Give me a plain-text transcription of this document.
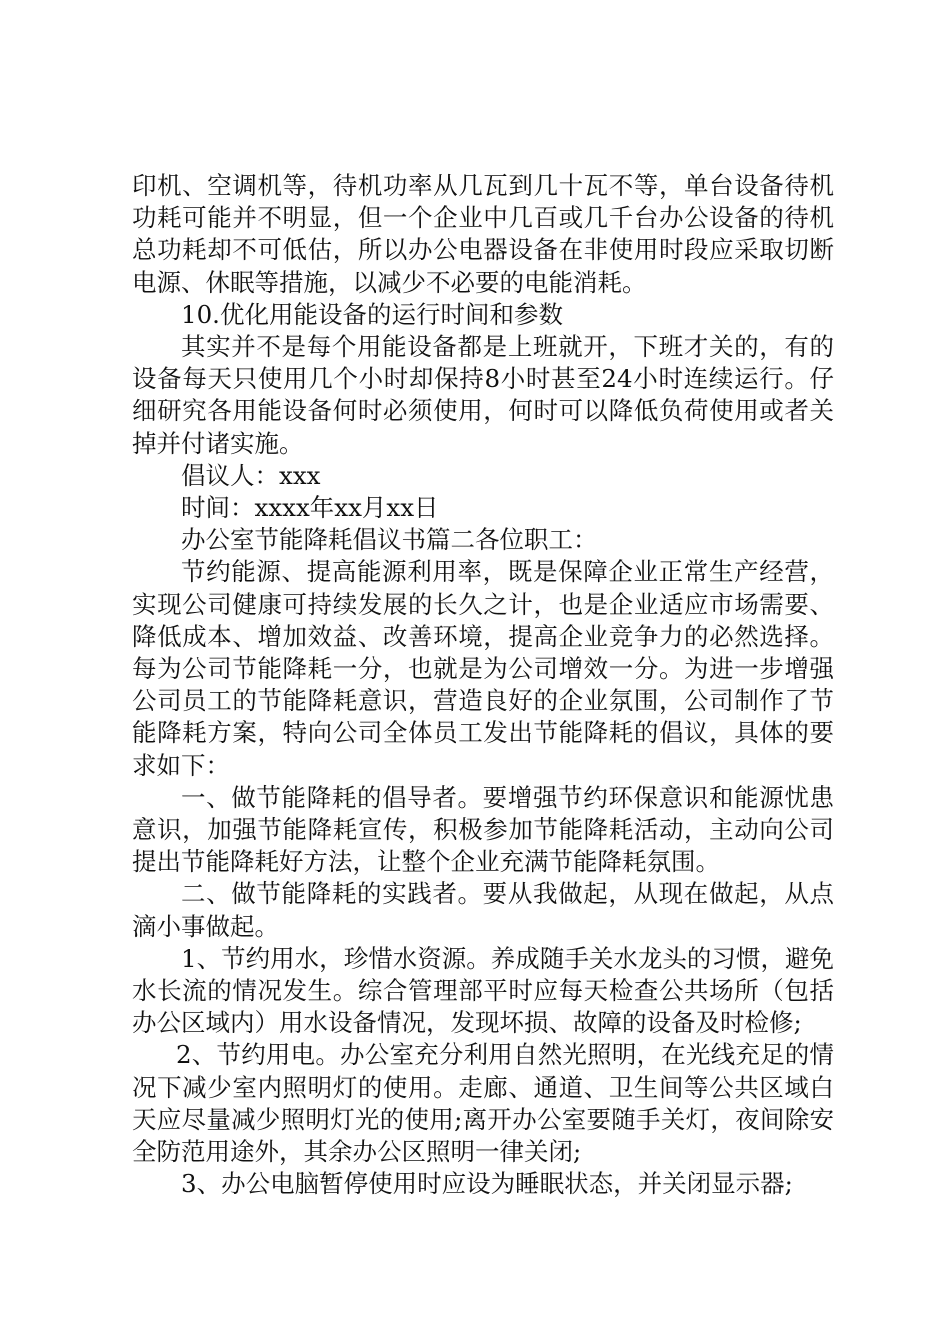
印机、空调机等，待机功率从几瓦到几十瓦不等，单台设备待机功耗可能并不明显，但一个企业中几百或几千台办公设备的待机总功耗却不可低估，所以办公电器设备在非使用时段应采取切断电源、休眠等措施，以减少不必要的电能消耗。

10.优化用能设备的运行时间和参数

其实并不是每个用能设备都是上班就开，下班才关的，有的设备每天只使用几个小时却保持8小时甚至24小时连续运行。仔细研究各用能设备何时必须使用，何时可以降低负荷使用或者关掉并付诸实施。

倡议人：xxx

时间：xxxx年xx月xx日

办公室节能降耗倡议书篇二各位职工：

节约能源、提高能源利用率，既是保障企业正常生产经营，实现公司健康可持续发展的长久之计，也是企业适应市场需要、降低成本、增加效益、改善环境，提高企业竞争力的必然选择。每为公司节能降耗一分，也就是为公司增效一分。为进一步增强公司员工的节能降耗意识，营造良好的企业氛围，公司制作了节能降耗方案，特向公司全体员工发出节能降耗的倡议，具体的要求如下：

一、做节能降耗的倡导者。要增强节约环保意识和能源忧患意识，加强节能降耗宣传，积极参加节能降耗活动，主动向公司提出节能降耗好方法，让整个企业充满节能降耗氛围。

二、做节能降耗的实践者。要从我做起，从现在做起，从点滴小事做起。

1、节约用水，珍惜水资源。养成随手关水龙头的习惯，避免水长流的情况发生。综合管理部平时应每天检查公共场所（包括办公区域内）用水设备情况，发现坏损、故障的设备及时检修;

2、节约用电。办公室充分利用自然光照明，在光线充足的情况下减少室内照明灯的使用。走廊、通道、卫生间等公共区域白天应尽量减少照明灯光的使用;离开办公室要随手关灯，夜间除安全防范用途外，其余办公区照明一律关闭;

3、办公电脑暂停使用时应设为睡眠状态，并关闭显示器;
